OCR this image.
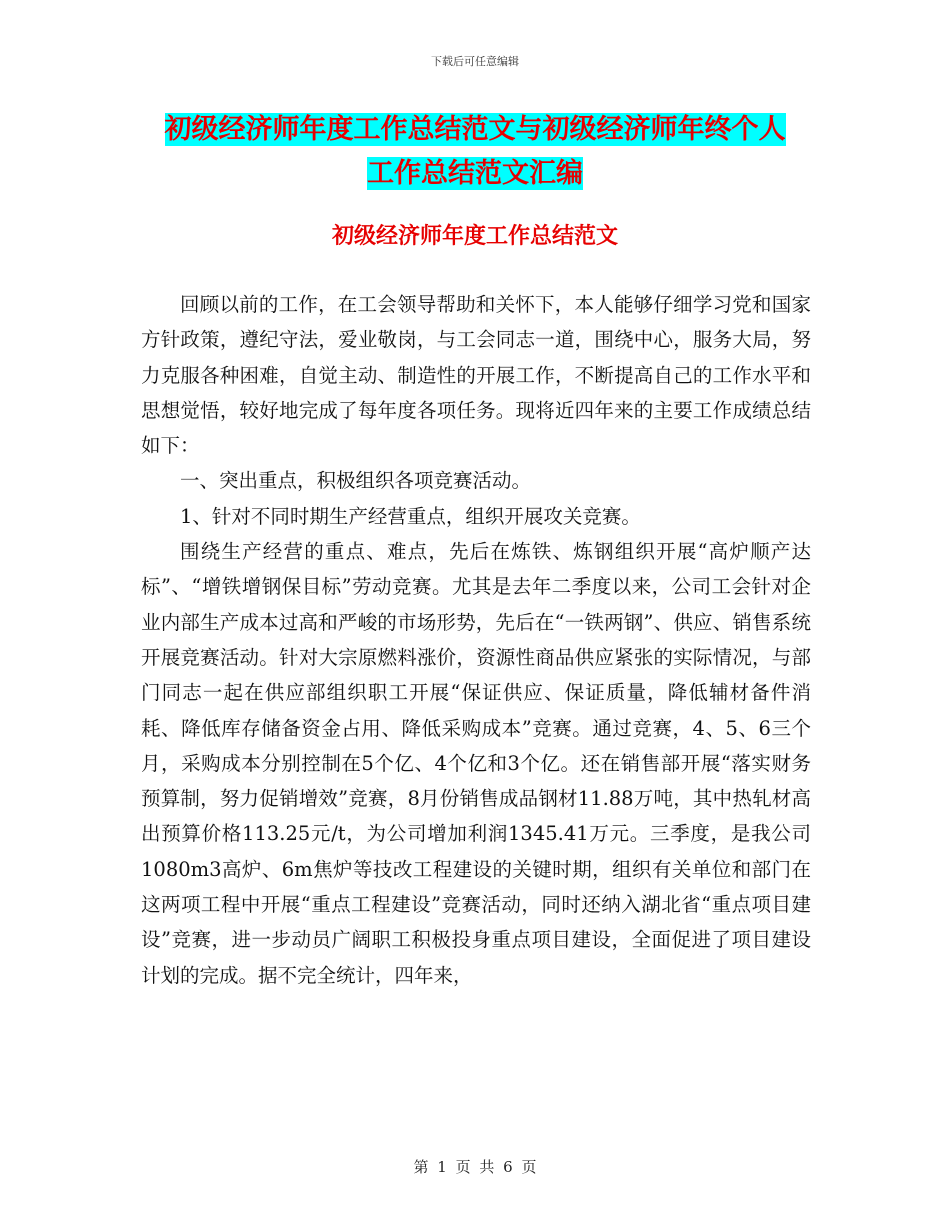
下载后可任意编辑
初级经济师年度工作总结范文与初级经济师年终个人
工作总结范文汇编
初级经济师年度工作总结范文

回顾以前的工作，在工会领导帮助和关怀下，本人能够仔细学习党和国家方针政策，遵纪守法，爱业敬岗，与工会同志一道，围绕中心，服务大局，努力克服各种困难，自觉主动、制造性的开展工作，不断提高自己的工作水平和思想觉悟，较好地完成了每年度各项任务。现将近四年来的主要工作成绩总结如下：

一、突出重点，积极组织各项竞赛活动。

1、针对不同时期生产经营重点，组织开展攻关竞赛。

围绕生产经营的重点、难点，先后在炼铁、炼钢组织开展“高炉顺产达标”、“增铁增钢保目标”劳动竞赛。尤其是去年二季度以来，公司工会针对企业内部生产成本过高和严峻的市场形势，先后在“一铁两钢”、供应、销售系统开展竞赛活动。针对大宗原燃料涨价，资源性商品供应紧张的实际情况，与部门同志一起在供应部组织职工开展“保证供应、保证质量，降低辅材备件消耗、降低库存储备资金占用、降低采购成本”竞赛。通过竞赛，4、5、6三个月，采购成本分别控制在5个亿、4个亿和3个亿。还在销售部开展“落实财务预算制，努力促销增效”竞赛，8月份销售成品钢材11.88万吨，其中热轧材高出预算价格113.25元/t，为公司增加利润1345.41万元。三季度，是我公司1080m3高炉、6m焦炉等技改工程建设的关键时期，组织有关单位和部门在这两项工程中开展“重点工程建设”竞赛活动，同时还纳入湖北省“重点项目建设”竞赛，进一步动员广阔职工积极投身重点项目建设，全面促进了项目建设计划的完成。据不完全统计，四年来，

第 1 页 共 6 页
